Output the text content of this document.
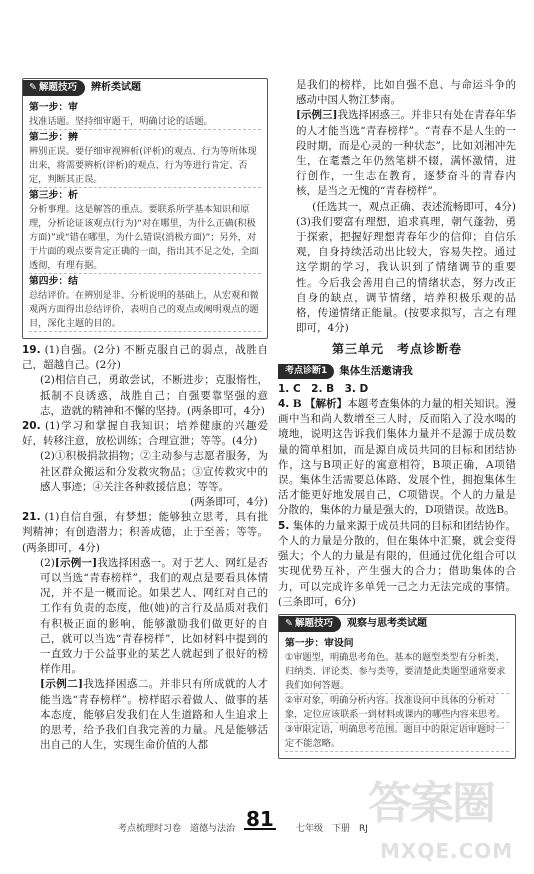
✎ 解题技巧 辨析类试题
第一步：审
找准话题。坚持细审题干，明确讨论的话题。
第二步：辨
辨别正误。要仔细审视辨析(评析)的观点、行为等所体现出来，将需要辨析(评析)的观点、行为等进行肯定、否定，判断其正误。
第三步：析
分析事理。这是解答的重点。要联系所学基本知识和原理，分析论证该观点(行为)“对在哪里，为什么正确(积极方面)”或“错在哪里，为什么错误(消极方面)”；另外，对于片面的观点要肯定正确的一面，指出其不足之处，全面透彻，有理有据。
第四步：结
总结评价。在辨别是非、分析说明的基础上，从宏观和微观两方面得出总结评价，表明自己的观点或阐明观点的题目，深化主题的目的。
19. (1)自强。(2分) 不断克服自己的弱点，战胜自己，超越自己。(2分)
(2)相信自己，勇敢尝试，不断进步；克服惰性，抵制不良诱惑，战胜自己；自强要靠坚强的意志，造就的精神和不懈的坚持。(两条即可，4分)
20. (1)学习和掌握自我知识；培养健康的兴趣爱好，转移注意，放松训练；合理宣泄；等等。(4分)
(2)①积极捐款捐物；②主动参与志愿者服务，为社区群众搬运和分发救灾物品；③宣传救灾中的感人事迹；④关注各种救援信息；等等。
(两条即可，4分)
21. (1)自信自强，有梦想；能够独立思考，具有批判精神；有创造潜力；积善成德，止于至善；等等。(两条即可，4分)
(2)[示例一]我选择困惑一。对于艺人、网红是否可以当选“青春榜样”，我们的观点是要看具体情况，并不是一概而论。如果艺人、网红对自己的工作有负责的态度，他(她)的言行及品质对我们有积极正面的影响，能够激励我们做更好的自己，就可以当选“青春榜样”，比如材料中提到的一直致力于公益事业的某艺人就起到了很好的榜样作用。
[示例二]我选择困惑二。并非只有所成就的人才能当选“青春榜样”。榜样昭示着做人、做事的基本态度，能够启发我们在人生道路和人生追求上的思考，给予我们自我完善的力量。凡是能够活出自己的人生，实现生命价值的人都
是我们的榜样，比如自强不息、与命运斗争的感动中国人物江梦南。
[示例三]我选择困惑三。并非只有处在青春年华的人才能当选“青春榜样”。“青春不是人生的一段时期，而是心灵的一种状态”，比如刘湘冲先生，在耄耋之年仍然笔耕不辍，满怀激情，进行创作，一生志在教育，逐梦奋斗的青春内核，是当之无愧的“青春榜样”。
(任选其一，观点正确、表述流畅即可，4分)
(3)我们要富有理想，追求真理，朝气蓬勃，勇于探索，把握好理想青春年少的信仰；自信乐观，自身持续活动出比较大，容易失控。通过这学期的学习，我认识到了情绪调节的重要性。今后我会善用自己的情绪状态，努力改正自身的缺点，调节情绪，培养积极乐观的品格，传递情绪正能量。(按要求拟写，言之有理即可，4分)
第三单元　考点诊断卷
考点诊断1	集体生活邀请我
1. C　2. B　3. D
4. B 【解析】本题考查集体的力量的相关知识。漫画中当和尚人数增至三人时，反而陷入了没水喝的境地，说明这告诉我们集体力量并不是源于成员数量的简单相加，而是源自成员共同的目标和团结协作，这与B项正好的寓意相符，B项正确，A项错误。集体生活需要总体路、发展个性，拥抱集体生活才能更好地发展自己，C项错误。个人的力量是分散的，集体的力量是强大的，D项错误。故选B。
5. 集体的力量来源于成员共同的目标和团结协作。个人的力量是分散的，但在集体中汇聚，就会变得强大；个人的力量是有限的，但通过优化组合可以实现优势互补，产生强大的合力；借助集体的合力，可以完成许多单凭一己之力无法完成的事情。(三条即可，6分)
✎ 解题技巧 观察与思考类试题
第一步：审设问
①审题型，明确思考角色。基本的题型类型有分析类、归纳类、评论类、参与类等，要清楚此类题型通常要求我们如何答题。
②审对象，明确分析内容。找准设问中具体的分析对象，定位应该联系一到材料或课内的哪些内容来思考。
③审限定语，明确思考范围。题目中的限定语审题时一定不能忽略。
考点梳理时习卷　道德与法治 81 七年级　下册　RJ 答案圈
MXQE.COM
